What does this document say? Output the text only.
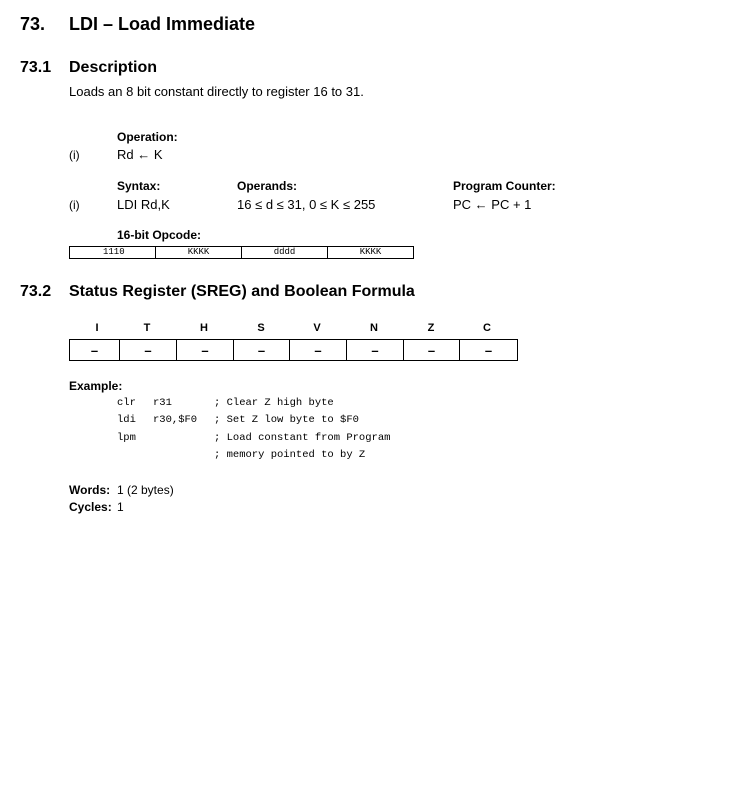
73. LDI – Load Immediate
73.1 Description
Loads an 8 bit constant directly to register 16 to 31.
Operation:
(i)	Rd ← K
Syntax:	Operands:	Program Counter:
(i)	LDI Rd,K	16 ≤ d ≤ 31, 0 ≤ K ≤ 255	PC ← PC + 1
16-bit Opcode:
1110	KKKK	dddd	KKKK
73.2 Status Register (SREG) and Boolean Formula
I	T	H	S	V	N	Z	C
–	–	–	–	–	–	–	–
Example:
clr r31	; Clear Z high byte
ldi r30,$F0 ; Set Z low byte to $F0
lpm	; Load constant from Program
; memory pointed to by Z
Words: 1 (2 bytes)
Cycles: 1
